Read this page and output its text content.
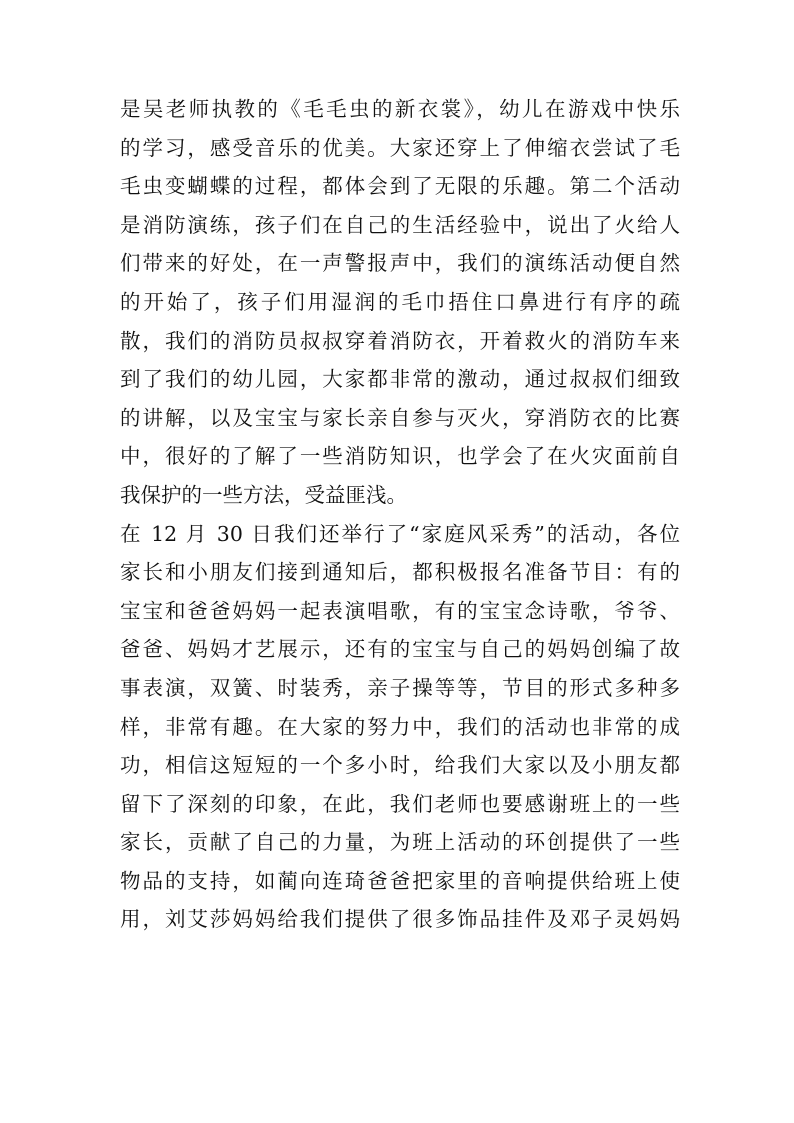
是吴老师执教的《毛毛虫的新衣裳》，幼儿在游戏中快乐
的学习，感受音乐的优美。大家还穿上了伸缩衣尝试了毛
毛虫变蝴蝶的过程，都体会到了无限的乐趣。第二个活动
是消防演练，孩子们在自己的生活经验中，说出了火给人
们带来的好处，在一声警报声中，我们的演练活动便自然
的开始了，孩子们用湿润的毛巾捂住口鼻进行有序的疏
散，我们的消防员叔叔穿着消防衣，开着救火的消防车来
到了我们的幼儿园，大家都非常的激动，通过叔叔们细致
的讲解，以及宝宝与家长亲自参与灭火，穿消防衣的比赛
中，很好的了解了一些消防知识，也学会了在火灾面前自
我保护的一些方法，受益匪浅。
在 12 月 30 日我们还举行了“家庭风采秀”的活动，各位
家长和小朋友们接到通知后，都积极报名准备节目：有的
宝宝和爸爸妈妈一起表演唱歌，有的宝宝念诗歌，爷爷、
爸爸、妈妈才艺展示，还有的宝宝与自己的妈妈创编了故
事表演，双簧、时装秀，亲子操等等，节目的形式多种多
样，非常有趣。在大家的努力中，我们的活动也非常的成
功，相信这短短的一个多小时，给我们大家以及小朋友都
留下了深刻的印象，在此，我们老师也要感谢班上的一些
家长，贡献了自己的力量，为班上活动的环创提供了一些
物品的支持，如蔺向连琦爸爸把家里的音响提供给班上使
用，刘艾莎妈妈给我们提供了很多饰品挂件及邓子灵妈妈
